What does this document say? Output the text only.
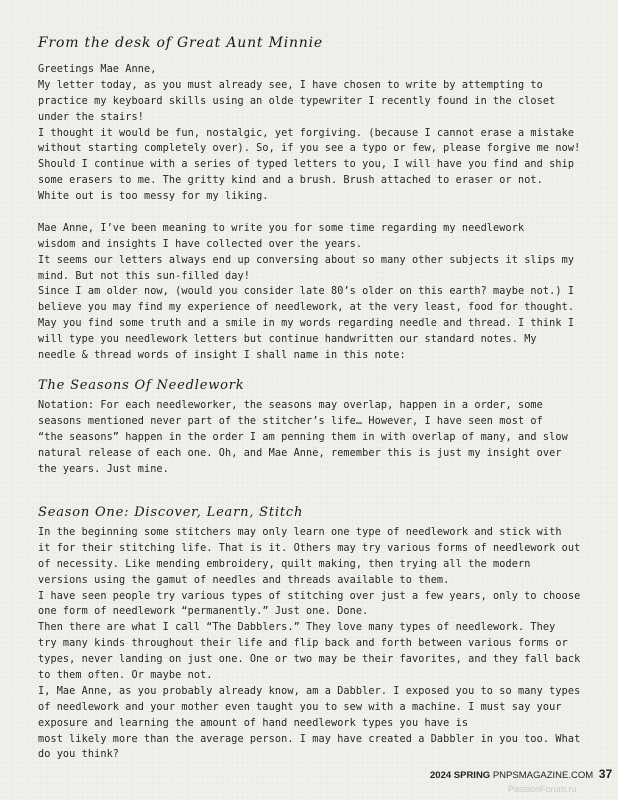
From the desk of Great Aunt Minnie
Greetings Mae Anne,
My letter today, as you must already see, I have chosen to write by attempting to
practice my keyboard skills using an olde typewriter I recently found in the closet
under the stairs!
I thought it would be fun, nostalgic, yet forgiving. (because I cannot erase a mistake
without starting completely over). So, if you see a typo or few, please forgive me now!
Should I continue with a series of typed letters to you, I will have you find and ship
some erasers to me. The gritty kind and a brush. Brush attached to eraser or not.
White out is too messy for my liking.
Mae Anne, I’ve been meaning to write you for some time regarding my needlework
wisdom and insights I have collected over the years.
It seems our letters always end up conversing about so many other subjects it slips my
mind. But not this sun-filled day!
Since I am older now, (would you consider late 80’s older on this earth? maybe not.) I
believe you may find my experience of needlework, at the very least, food for thought.
May you find some truth and a smile in my words regarding needle and thread. I think I
will type you needlework letters but continue handwritten our standard notes. My
needle & thread words of insight I shall name in this note:
The Seasons Of Needlework
Notation: For each needleworker, the seasons may overlap, happen in a order, some
seasons mentioned never part of the stitcher’s life… However, I have seen most of
“the seasons” happen in the order I am penning them in with overlap of many, and slow
natural release of each one. Oh, and Mae Anne, remember this is just my insight over
the years. Just mine.
Season One: Discover, Learn, Stitch
In the beginning some stitchers may only learn one type of needlework and stick with
it for their stitching life. That is it. Others may try various forms of needlework out
of necessity. Like mending embroidery, quilt making, then trying all the modern
versions using the gamut of needles and threads available to them.
I have seen people try various types of stitching over just a few years, only to choose
one form of needlework “permanently.” Just one. Done.
Then there are what I call “The Dabblers.” They love many types of needlework. They
try many kinds throughout their life and flip back and forth between various forms or
types, never landing on just one. One or two may be their favorites, and they fall back
to them often. Or maybe not.
I, Mae Anne, as you probably already know, am a Dabbler. I exposed you to so many types
of needlework and your mother even taught you to sew with a machine. I must say your
exposure and learning the amount of hand needlework types you have is
most likely more than the average person. I may have created a Dabbler in you too. What
do you think?
2024 SPRING PNPSMAGAZINE.COM 37
PassionForum.ru
